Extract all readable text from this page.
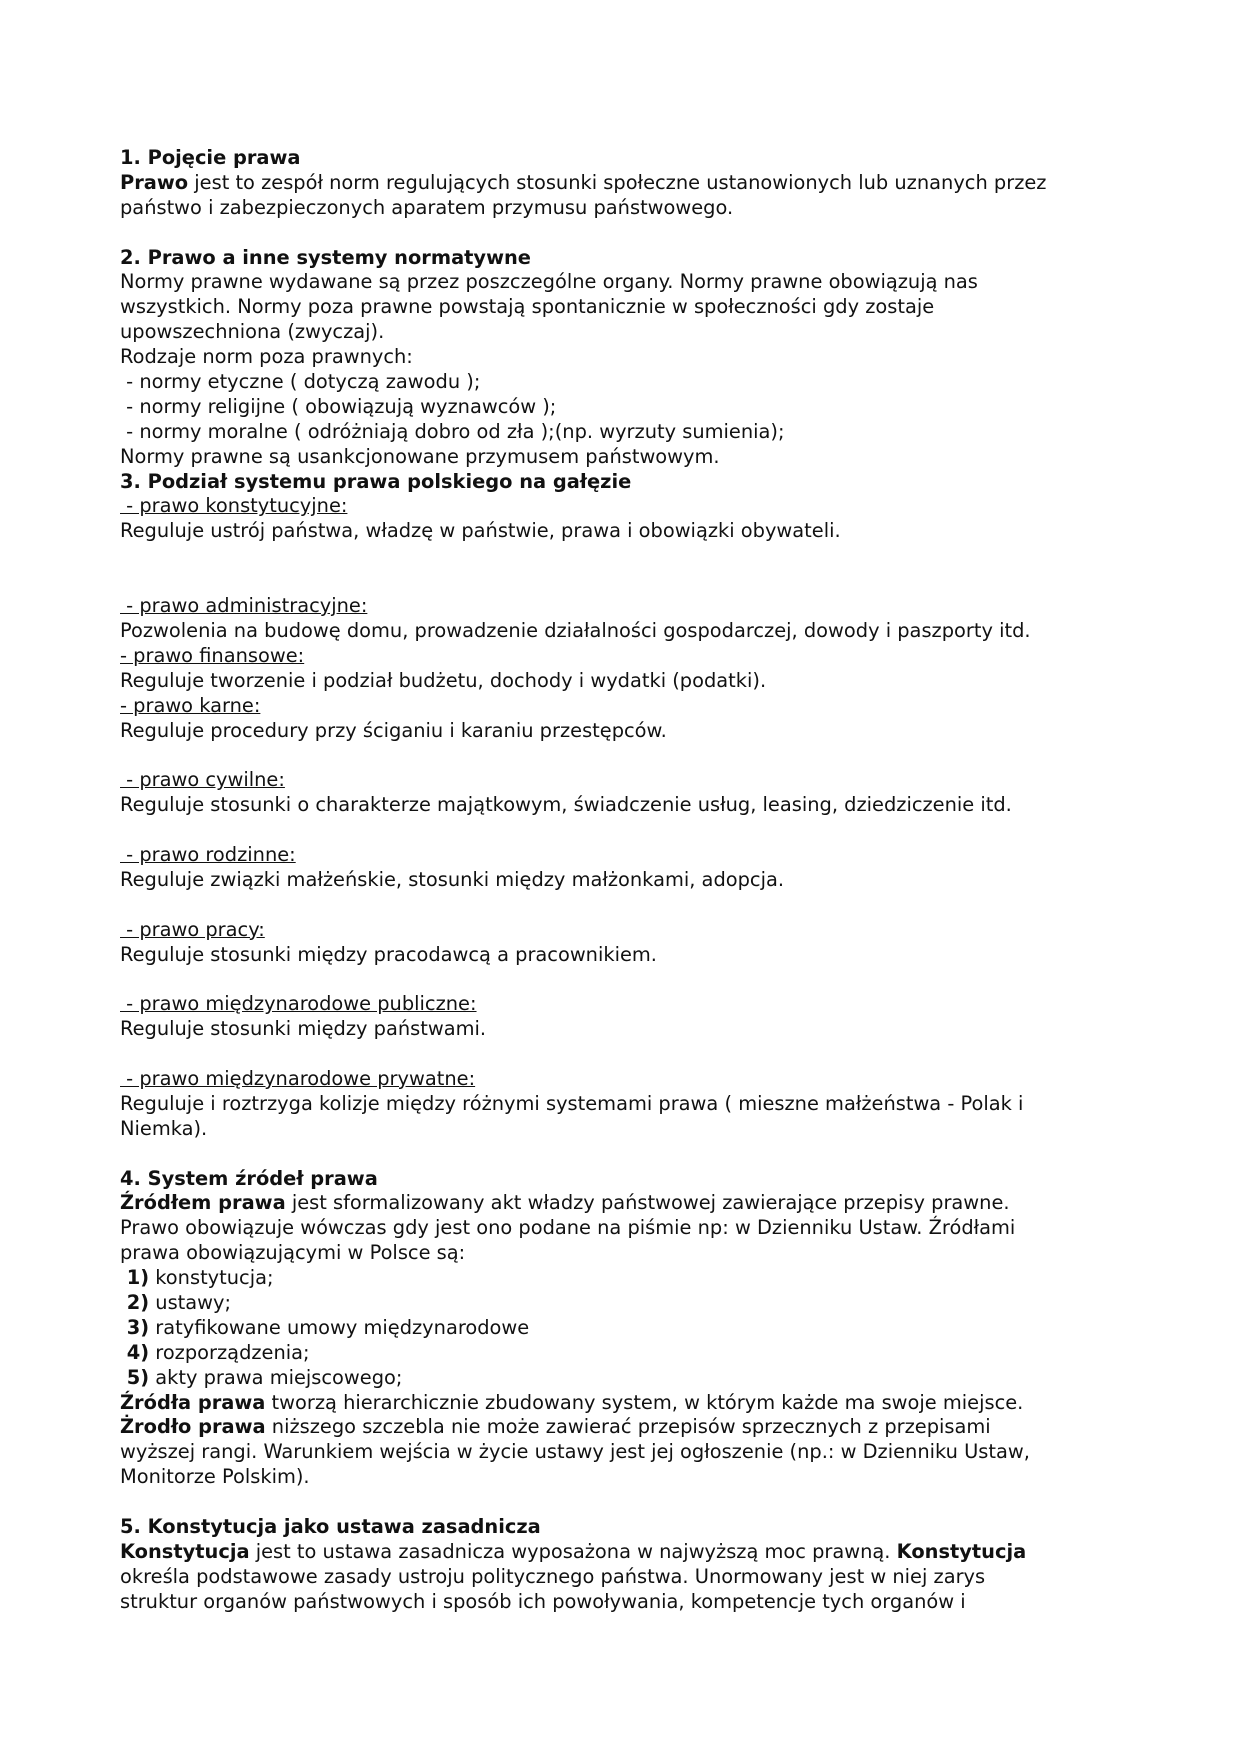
1. Pojęcie prawa
Prawo jest to zespół norm regulujących stosunki społeczne ustanowionych lub uznanych przez
państwo i zabezpieczonych aparatem przymusu państwowego.
2. Prawo a inne systemy normatywne
Normy prawne wydawane są przez poszczególne organy. Normy prawne obowiązują nas
wszystkich. Normy poza prawne powstają spontanicznie w społeczności gdy zostaje
upowszechniona (zwyczaj).
Rodzaje norm poza prawnych:
- normy etyczne ( dotyczą zawodu );
- normy religijne ( obowiązują wyznawców );
- normy moralne ( odróżniają dobro od zła );(np. wyrzuty sumienia);
Normy prawne są usankcjonowane przymusem państwowym.
3. Podział systemu prawa polskiego na gałęzie
- prawo konstytucyjne:
Reguluje ustrój państwa, władzę w państwie, prawa i obowiązki obywateli.
- prawo administracyjne:
Pozwolenia na budowę domu, prowadzenie działalności gospodarczej, dowody i paszporty itd.
- prawo finansowe:
Reguluje tworzenie i podział budżetu, dochody i wydatki (podatki).
- prawo karne:
Reguluje procedury przy ściganiu i karaniu przestępców.
- prawo cywilne:
Reguluje stosunki o charakterze majątkowym, świadczenie usług, leasing, dziedziczenie itd.
- prawo rodzinne:
Reguluje związki małżeńskie, stosunki między małżonkami, adopcja.
- prawo pracy:
Reguluje stosunki między pracodawcą a pracownikiem.
- prawo międzynarodowe publiczne:
Reguluje stosunki między państwami.
- prawo międzynarodowe prywatne:
Reguluje i roztrzyga kolizje między różnymi systemami prawa ( mieszne małżeństwa - Polak i
Niemka).
4. System źródeł prawa
Źródłem prawa jest sformalizowany akt władzy państwowej zawierające przepisy prawne.
Prawo obowiązuje wówczas gdy jest ono podane na piśmie np: w Dzienniku Ustaw. Źródłami
prawa obowiązującymi w Polsce są:
1) konstytucja;
2) ustawy;
3) ratyfikowane umowy międzynarodowe
4) rozporządzenia;
5) akty prawa miejscowego;
Źródła prawa tworzą hierarchicznie zbudowany system, w którym każde ma swoje miejsce.
Żrodło prawa niższego szczebla nie może zawierać przepisów sprzecznych z przepisami
wyższej rangi. Warunkiem wejścia w życie ustawy jest jej ogłoszenie (np.: w Dzienniku Ustaw,
Monitorze Polskim).
5. Konstytucja jako ustawa zasadnicza
Konstytucja jest to ustawa zasadnicza wyposażona w najwyższą moc prawną. Konstytucja
określa podstawowe zasady ustroju politycznego państwa. Unormowany jest w niej zarys
struktur organów państwowych i sposób ich powoływania, kompetencje tych organów i
